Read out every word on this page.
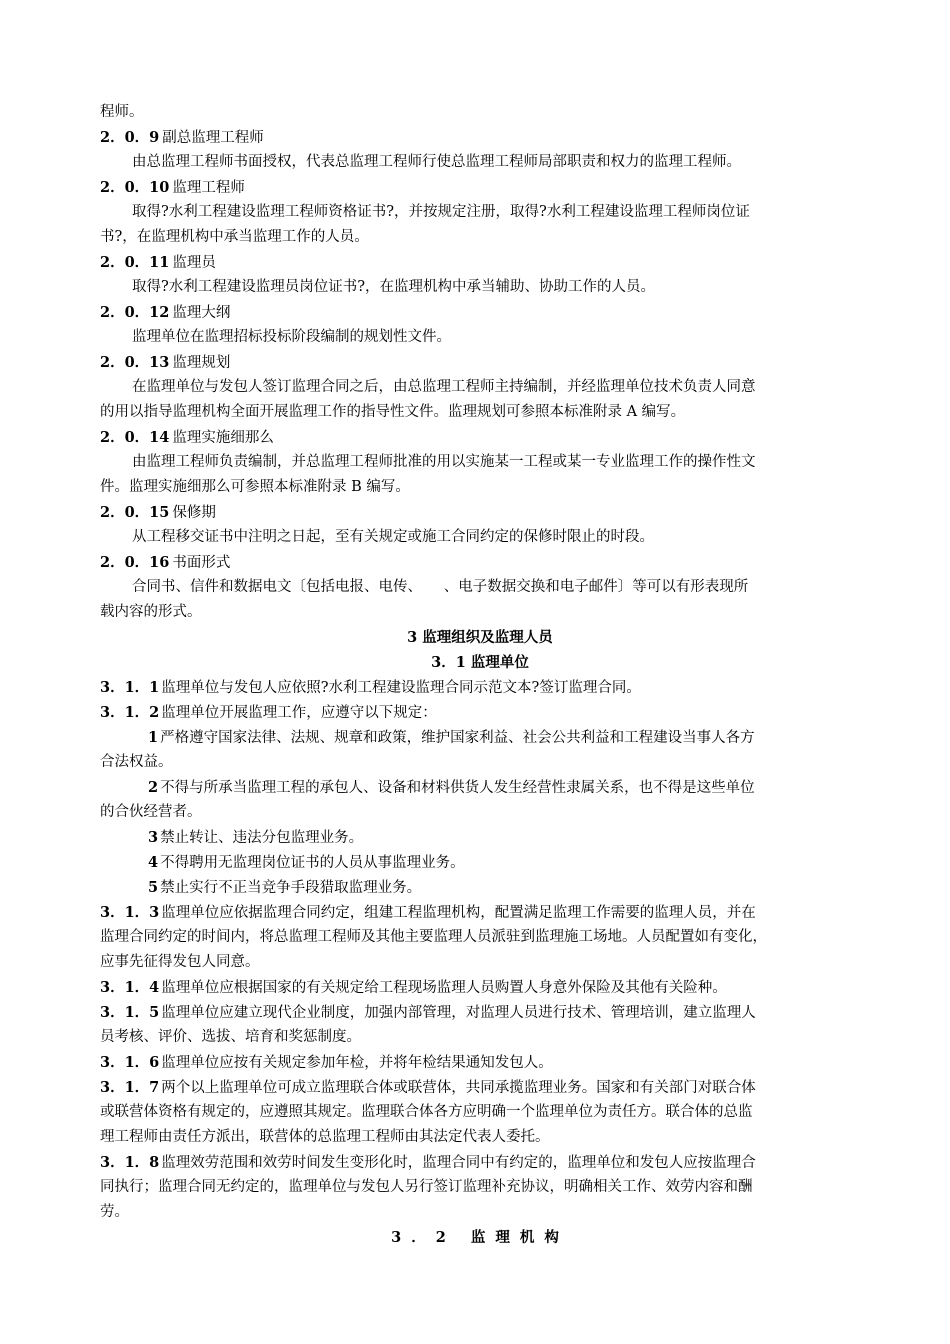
程师。
2．0．9 副总监理工程师
由总监理工程师书面授权，代表总监理工程师行使总监理工程师局部职责和权力的监理工程师。
2．0．10 监理工程师
取得?水利工程建设监理工程师资格证书?，并按规定注册，取得?水利工程建设监理工程师岗位证
书?，在监理机构中承当监理工作的人员。
2．0．11 监理员
取得?水利工程建设监理员岗位证书?，在监理机构中承当辅助、协助工作的人员。
2．0．12 监理大纲
监理单位在监理招标投标阶段编制的规划性文件。
2．0．13 监理规划
在监理单位与发包人签订监理合同之后，由总监理工程师主持编制，并经监理单位技术负责人同意
的用以指导监理机构全面开展监理工作的指导性文件。监理规划可参照本标准附录 A 编写。
2．0．14 监理实施细那么
由监理工程师负责编制，并总监理工程师批准的用以实施某一工程或某一专业监理工作的操作性文
件。监理实施细那么可参照本标准附录 B 编写。
2．0．15 保修期
从工程移交证书中注明之日起，至有关规定或施工合同约定的保修时限止的时段。
2．0．16 书面形式
合同书、信件和数据电文〔包括电报、电传、　　、电子数据交换和电子邮件〕等可以有形表现所
载内容的形式。
3 监理组织及监理人员
3．1 监理单位
3．1．1 监理单位与发包人应依照?水利工程建设监理合同示范文本?签订监理合同。
3．1．2 监理单位开展监理工作，应遵守以下规定：
1 严格遵守国家法律、法规、规章和政策，维护国家利益、社会公共利益和工程建设当事人各方
合法权益。
2 不得与所承当监理工程的承包人、设备和材料供货人发生经营性隶属关系，也不得是这些单位
的合伙经营者。
3 禁止转让、违法分包监理业务。
4 不得聘用无监理岗位证书的人员从事监理业务。
5 禁止实行不正当竞争手段猎取监理业务。
3．1．3 监理单位应依据监理合同约定，组建工程监理机构，配置满足监理工作需要的监理人员，并在
监理合同约定的时间内，将总监理工程师及其他主要监理人员派驻到监理施工场地。人员配置如有变化，
应事先征得发包人同意。
3．1．4 监理单位应根据国家的有关规定给工程现场监理人员购置人身意外保险及其他有关险种。
3．1．5 监理单位应建立现代企业制度，加强内部管理，对监理人员进行技术、管理培训，建立监理人
员考核、评价、选拔、培育和奖惩制度。
3．1．6 监理单位应按有关规定参加年检，并将年检结果通知发包人。
3．1．7 两个以上监理单位可成立监理联合体或联营体，共同承揽监理业务。国家和有关部门对联合体
或联营体资格有规定的，应遵照其规定。监理联合体各方应明确一个监理单位为责任方。联合体的总监
理工程师由责任方派出，联营体的总监理工程师由其法定代表人委托。
3．1．8 监理效劳范围和效劳时间发生变形化时，监理合同中有约定的，监理单位和发包人应按监理合
同执行；监理合同无约定的，监理单位与发包人另行签订监理补充协议，明确相关工作、效劳内容和酬
劳。
3．2 监理机构
